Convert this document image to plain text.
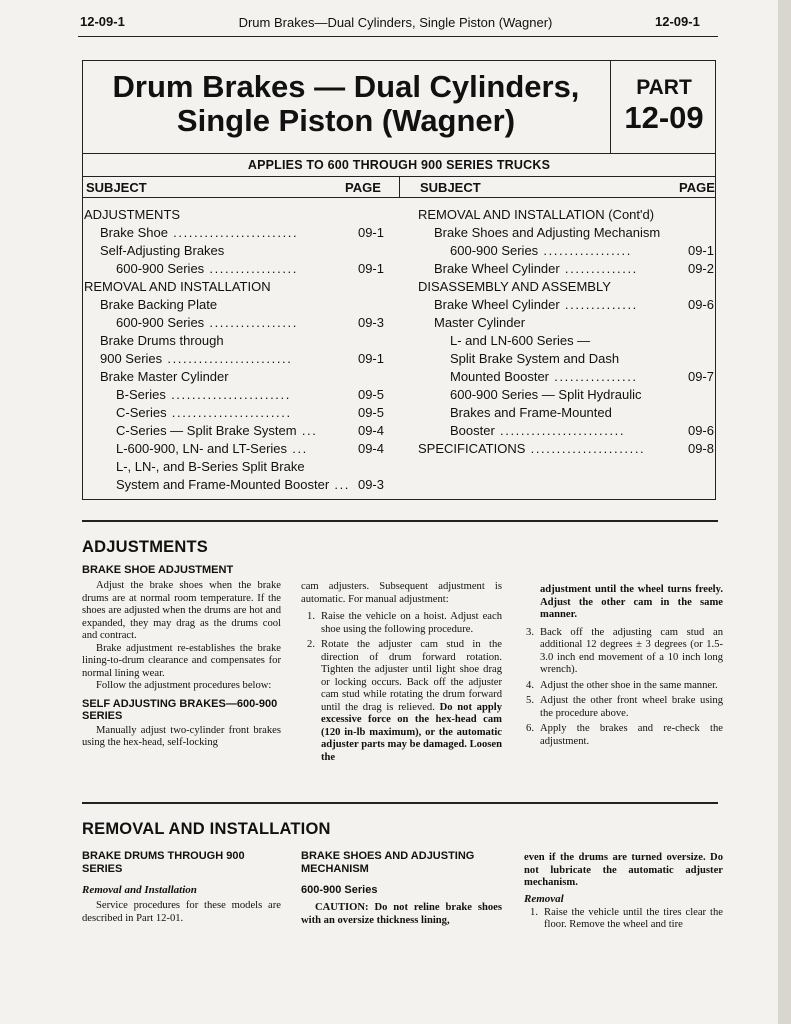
12-09-1	Drum Brakes—Dual Cylinders, Single Piston (Wagner)	12-09-1
Drum Brakes — Dual Cylinders,
Single Piston (Wagner)
PART
12-09
APPLIES TO 600 THROUGH 900 SERIES TRUCKS
SUBJECT	PAGE	SUBJECT	PAGE
ADJUSTMENTS
Brake Shoe ........................	09-1
Self-Adjusting Brakes
600-900 Series .................	09-1
REMOVAL AND INSTALLATION
Brake Backing Plate
600-900 Series .................	09-3
Brake Drums through
900 Series ........................	09-1
Brake Master Cylinder
B-Series .......................	09-5
C-Series .......................	09-5
C-Series — Split Brake System ...	09-4
L-600-900, LN- and LT-Series ...	09-4
L-, LN-, and B-Series Split Brake
System and Frame-Mounted Booster ... 09-3
REMOVAL AND INSTALLATION (Cont'd)
Brake Shoes and Adjusting Mechanism
600-900 Series .................	09-1
Brake Wheel Cylinder ..............	09-2
DISASSEMBLY AND ASSEMBLY
Brake Wheel Cylinder ..............	09-6
Master Cylinder
L- and LN-600 Series —
Split Brake System and Dash
Mounted Booster ................	09-7
600-900 Series — Split Hydraulic
Brakes and Frame-Mounted
Booster ........................	09-6
SPECIFICATIONS ......................	09-8
ADJUSTMENTS
BRAKE SHOE ADJUSTMENT

Adjust the brake shoes when the brake drums are at normal room temperature. If the shoes are adjusted when the drums are hot and expanded, they may drag as the drums cool and contract.

Brake adjustment re-establishes the brake lining-to-drum clearance and compensates for normal lining wear.

Follow the adjustment procedures below:

SELF ADJUSTING BRAKES—600-900 SERIES

Manually adjust two-cylinder front brakes using the hex-head, self-locking

cam adjusters. Subsequent adjustment is automatic. For manual adjustment:

1. Raise the vehicle on a hoist. Adjust each shoe using the following procedure.
2. Rotate the adjuster cam stud in the direction of drum forward rotation. Tighten the adjuster until light shoe drag or locking occurs. Back off the adjuster cam stud while rotating the drum forward until the drag is relieved. Do not apply excessive force on the hex-head cam (120 in-lb maximum), or the automatic adjuster parts may be damaged. Loosen the
adjustment until the wheel turns freely. Adjust the other cam in the same manner.
3. Back off the adjusting cam stud an additional 12 degrees ± 3 degrees (or 1.5-3.0 inch end movement of a 10 inch long wrench).
4. Adjust the other shoe in the same manner.
5. Adjust the other front wheel brake using the procedure above.
6. Apply the brakes and re-check the adjustment.
REMOVAL AND INSTALLATION
BRAKE DRUMS THROUGH 900 SERIES
Removal and Installation

Service procedures for these models are described in Part 12-01.

BRAKE SHOES AND ADJUSTING MECHANISM
600-900 Series

CAUTION: Do not reline brake shoes with an oversize thickness lining,

even if the drums are turned oversize. Do not lubricate the automatic adjuster mechanism.

Removal
1. Raise the vehicle until the tires clear the floor. Remove the wheel and tire
